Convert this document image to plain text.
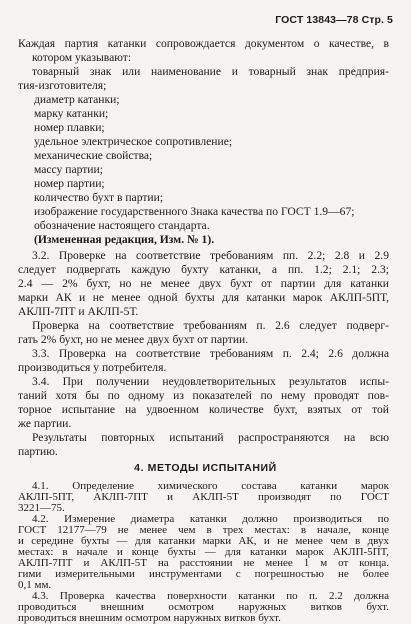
ГОСТ 13843—78 Стр. 5
Каждая партия катанки сопровождается документом о качестве, в
котором указывают:
товарный знак или наименование и товарный знак предприя-
тия-изготовителя;
диаметр катанки;
марку катанки;
номер плавки;
удельное электрическое сопротивление;
механические свойства;
массу партии;
номер партии;
количество бухт в партии;
изображение государственного Знака качества по ГОСТ 1.9—67;
обозначение настоящего стандарта.
(Измененная редакция, Изм. № 1).
3.2. Проверке на соответствие требованиям пп. 2.2; 2.8 и 2.9
следует подвергать каждую бухту катанки, а пп. 1.2; 2.1; 2.3;
2.4 — 2% бухт, но не менее двух бухт от партии для катанки
марки АК и не менее одной бухты для катанки марок АКЛП-5ПТ,
АКЛП-7ПТ и АКЛП-5Т.
Проверка на соответствие требованиям п. 2.6 следует подверг-
гать 2% бухт, но не менее двух бухт от партии.
3.3. Проверка на соответствие требованиям п. 2.4; 2.6 должна
производиться у потребителя.
3.4. При получении неудовлетворительных результатов испы-
таний хотя бы по одному из показателей по нему проводят пов-
торное испытание на удвоенном количестве бухт, взятых от той
же партии.
Результаты повторных испытаний распространяются на всю
партию.
4. МЕТОДЫ ИСПЫТАНИЙ
4.1. Определение химического состава катанки марок
АКЛП-5ПТ, АКЛП-7ПТ и АКЛП-5Т производят по ГОСТ
3221—75.
4.2. Измерение диаметра катанки должно производиться по
ГОСТ 12177—79 не менее чем в трех местах: в начале, конце
и середине бухты — для катанки марки АК, и не менее чем в двух
местах: в начале и конце бухты — для катанки марок АКЛП-5ПТ,
АКЛП-7ПТ и АКЛП-5Т на расстоянии не менее 1 м от конца.
гими измерительными инструментами с погрешностью не более
0,1 мм.
4.3. Проверка качества поверхности катанки по п. 2.2 должна
проводиться внешним осмотром наружных витков бухт.
проводиться внешним осмотром наружных витков бухт.
